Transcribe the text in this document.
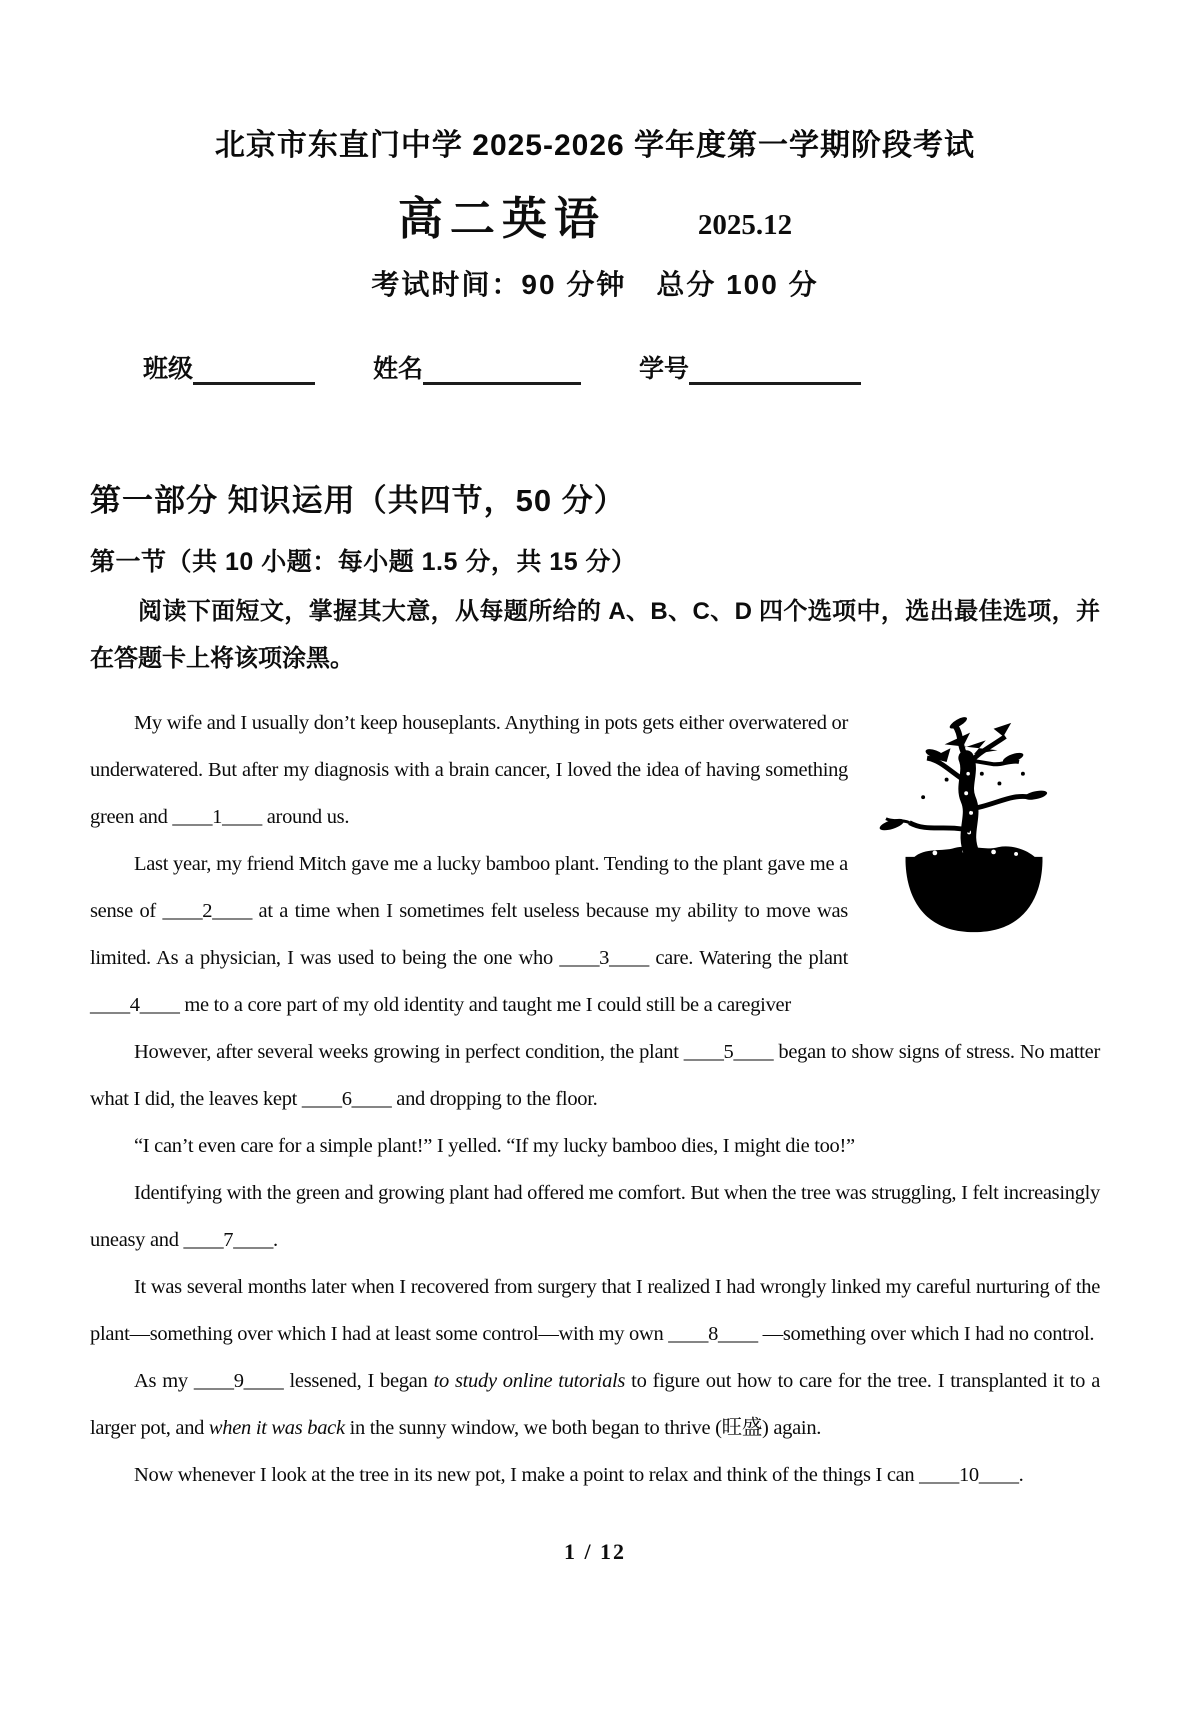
北京市东直门中学 2025-2026 学年度第一学期阶段考试
高二英语	2025.12
考试时间：90 分钟　总分 100 分
班级	姓名	学号
第一部分 知识运用（共四节，50 分）
第一节（共 10 小题：每小题 1.5 分，共 15 分）
阅读下面短文，掌握其大意，从每题所给的 A、B、C、D 四个选项中，选出最佳选项，并在答题卡上将该项涂黑。

My wife and I usually don’t keep houseplants. Anything in pots gets either overwatered or underwatered. But after my diagnosis with a brain cancer, I loved the idea of having something green and ____1____ around us.

Last year, my friend Mitch gave me a lucky bamboo plant. Tending to the plant gave me a sense of ____2____ at a time when I sometimes felt useless because my ability to move was limited. As a physician, I was used to being the one who ____3____ care. Watering the plant ____4____ me to a core part of my old identity and taught me I could still be a caregiver

However, after several weeks growing in perfect condition, the plant ____5____ began to show signs of stress. No matter what I did, the leaves kept ____6____ and dropping to the floor.

“I can’t even care for a simple plant!” I yelled. “If my lucky bamboo dies, I might die too!”

Identifying with the green and growing plant had offered me comfort. But when the tree was struggling, I felt increasingly uneasy and ____7____.

It was several months later when I recovered from surgery that I realized I had wrongly linked my careful nurturing of the plant—something over which I had at least some control—with my own ____8____ —something over which I had no control.

As my ____9____ lessened, I began to study online tutorials to figure out how to care for the tree. I transplanted it to a larger pot, and when it was back in the sunny window, we both began to thrive (旺盛) again.

Now whenever I look at the tree in its new pot, I make a point to relax and think of the things I can ____10____.

1 / 12
